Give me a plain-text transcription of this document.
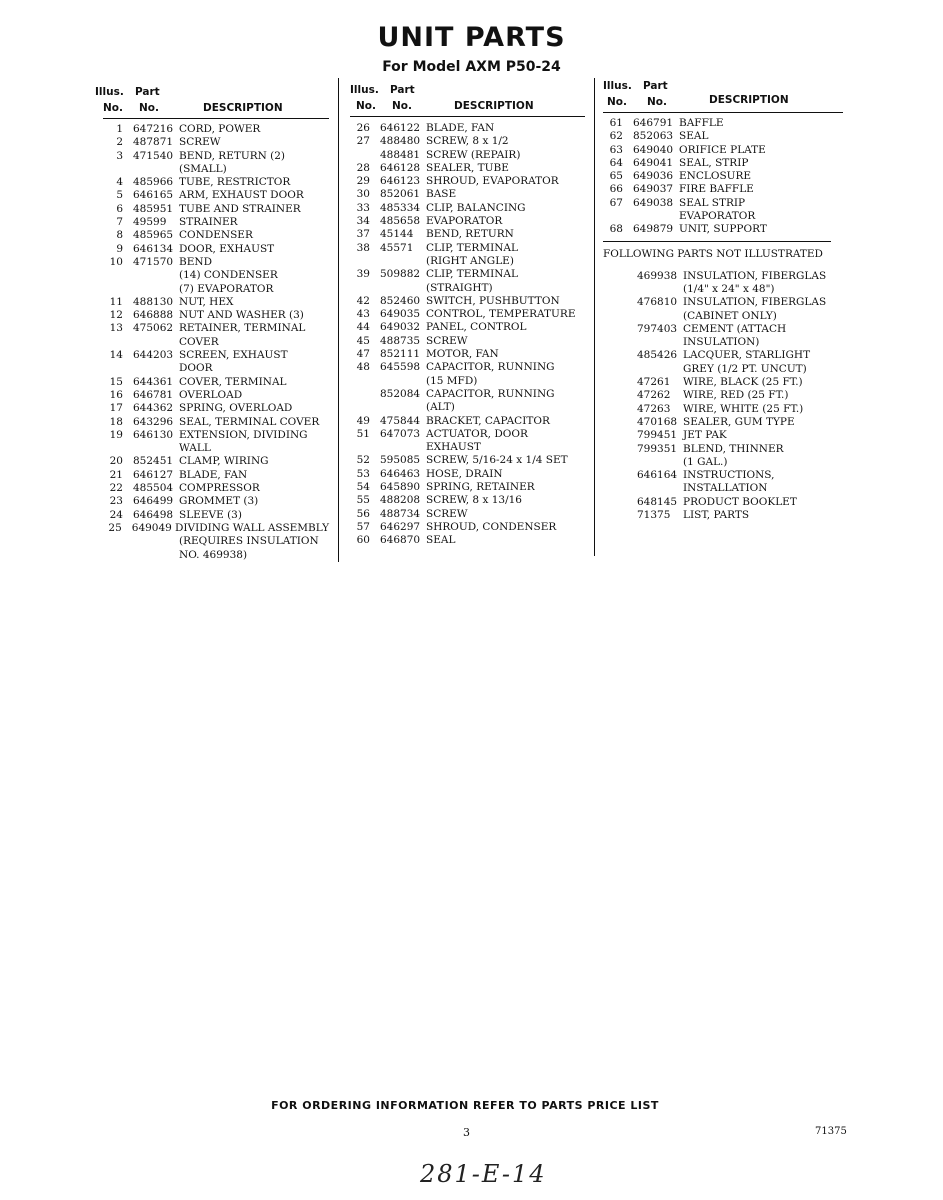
UNIT PARTS
For Model AXM P50-24
Illus. Part
No. No.	DESCRIPTION
1 647216 CORD, POWER
2 487871 SCREW
3 471540 BEND, RETURN (2)
(SMALL)
4 485966 TUBE, RESTRICTOR
5 646165 ARM, EXHAUST DOOR
6 485951 TUBE AND STRAINER
7 49599	STRAINER
8 485965 CONDENSER
9 646134 DOOR, EXHAUST
10 471570 BEND
(14) CONDENSER
(7) EVAPORATOR
11 488130 NUT, HEX
12 646888 NUT AND WASHER (3)
13 475062 RETAINER, TERMINAL
COVER
14 644203 SCREEN, EXHAUST
DOOR
15 644361 COVER, TERMINAL
16 646781 OVERLOAD
17 644362 SPRING, OVERLOAD
18 643296 SEAL, TERMINAL COVER
19 646130 EXTENSION, DIVIDING
WALL
20 852451 CLAMP, WIRING
21 646127 BLADE, FAN
22 485504 COMPRESSOR
23 646499 GROMMET (3)
24 646498 SLEEVE (3)
25 649049 DIVIDING WALL ASSEMBLY
(REQUIRES INSULATION
NO. 469938)
Illus. Part
No. No.	DESCRIPTION
26 646122 BLADE, FAN
27 488480 SCREW, 8 x 1/2
488481 SCREW (REPAIR)
28 646128 SEALER, TUBE
29 646123 SHROUD, EVAPORATOR
30 852061 BASE
33 485334 CLIP, BALANCING
34 485658 EVAPORATOR
37 45144	BEND, RETURN
38 45571	CLIP, TERMINAL
(RIGHT ANGLE)
39 509882 CLIP, TERMINAL
(STRAIGHT)
42 852460 SWITCH, PUSHBUTTON
43 649035 CONTROL, TEMPERATURE
44 649032 PANEL, CONTROL
45 488735 SCREW
47 852111 MOTOR, FAN
48 645598 CAPACITOR, RUNNING
(15 MFD)
852084 CAPACITOR, RUNNING
(ALT)
49 475844 BRACKET, CAPACITOR
51 647073 ACTUATOR, DOOR
EXHAUST
52 595085 SCREW, 5/16-24 x 1/4 SET
53 646463 HOSE, DRAIN
54 645890 SPRING, RETAINER
55 488208 SCREW, 8 x 13/16
56 488734 SCREW
57 646297 SHROUD, CONDENSER
60 646870 SEAL
Illus. Part
No. No.	DESCRIPTION
61 646791 BAFFLE
62 852063 SEAL
63 649040 ORIFICE PLATE
64 649041 SEAL, STRIP
65 649036 ENCLOSURE
66 649037 FIRE BAFFLE
67 649038 SEAL STRIP
EVAPORATOR
68 649879 UNIT, SUPPORT
FOLLOWING PARTS NOT ILLUSTRATED
469938 INSULATION, FIBERGLAS
(1/4" x 24" x 48")
476810 INSULATION, FIBERGLAS
(CABINET ONLY)
797403 CEMENT (ATTACH
INSULATION)
485426 LACQUER, STARLIGHT
GREY (1/2 PT. UNCUT)
47261	WIRE, BLACK (25 FT.)
47262	WIRE, RED (25 FT.)
47263	WIRE, WHITE (25 FT.)
470168 SEALER, GUM TYPE
799451 JET PAK
799351 BLEND, THINNER
(1 GAL.)
646164 INSTRUCTIONS,
INSTALLATION
648145 PRODUCT BOOKLET
71375	LIST, PARTS
FOR ORDERING INFORMATION REFER TO PARTS PRICE LIST
3	71375
281-E-14
